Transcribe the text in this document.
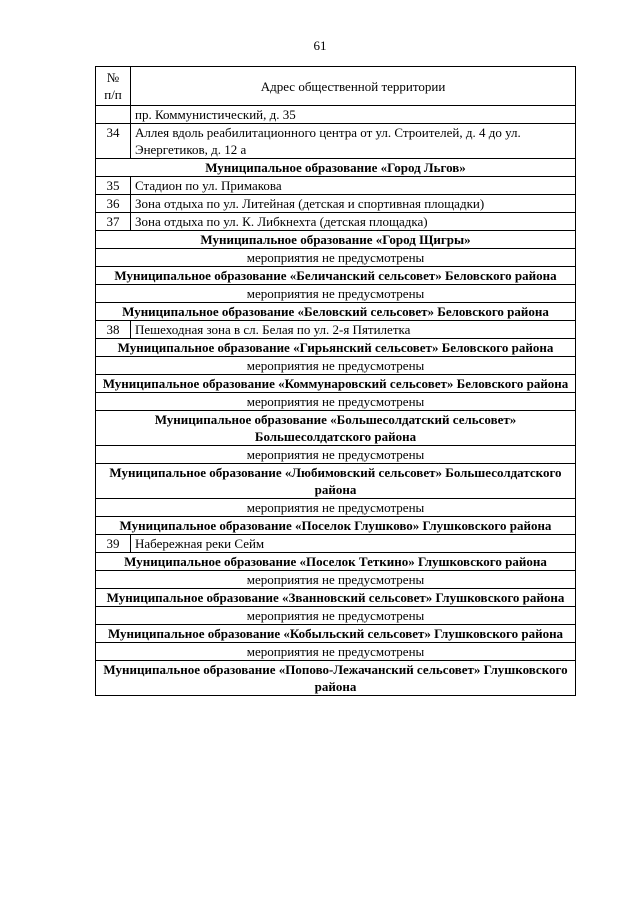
61
№ п/п	Адрес общественной территории
	пр. Коммунистический, д. 35
34	Аллея вдоль реабилитационного центра от ул. Строителей, д. 4 до ул. Энергетиков, д. 12 а
Муниципальное образование «Город Льгов»	
35	Стадион по ул. Примакова
36	Зона отдыха по ул. Литейная (детская и спортивная площадки)
37	Зона отдыха по ул. К. Либкнехта (детская площадка)
Муниципальное образование «Город Щигры»	
мероприятия не предусмотрены	
Муниципальное образование «Беличанский сельсовет» Беловского района	
мероприятия не предусмотрены	
Муниципальное образование «Беловский сельсовет» Беловского района	
38	Пешеходная зона в сл. Белая по ул. 2-я Пятилетка
Муниципальное образование «Гирьянский сельсовет» Беловского района	
мероприятия не предусмотрены	
Муниципальное образование «Коммунаровский сельсовет» Беловского района	
мероприятия не предусмотрены	
Муниципальное образование «Большесолдатский сельсовет» Большесолдатского района	
мероприятия не предусмотрены	
Муниципальное образование «Любимовский сельсовет» Большесолдатского района	
мероприятия не предусмотрены	
Муниципальное образование «Поселок Глушково» Глушковского района	
39	Набережная реки Сейм
Муниципальное образование «Поселок Теткино» Глушковского района	
мероприятия не предусмотрены	
Муниципальное образование «Званновский сельсовет» Глушковского района	
мероприятия не предусмотрены	
Муниципальное образование «Кобыльский сельсовет» Глушковского района	
мероприятия не предусмотрены	
Муниципальное образование «Попово-Лежачанский сельсовет» Глушковского района	
